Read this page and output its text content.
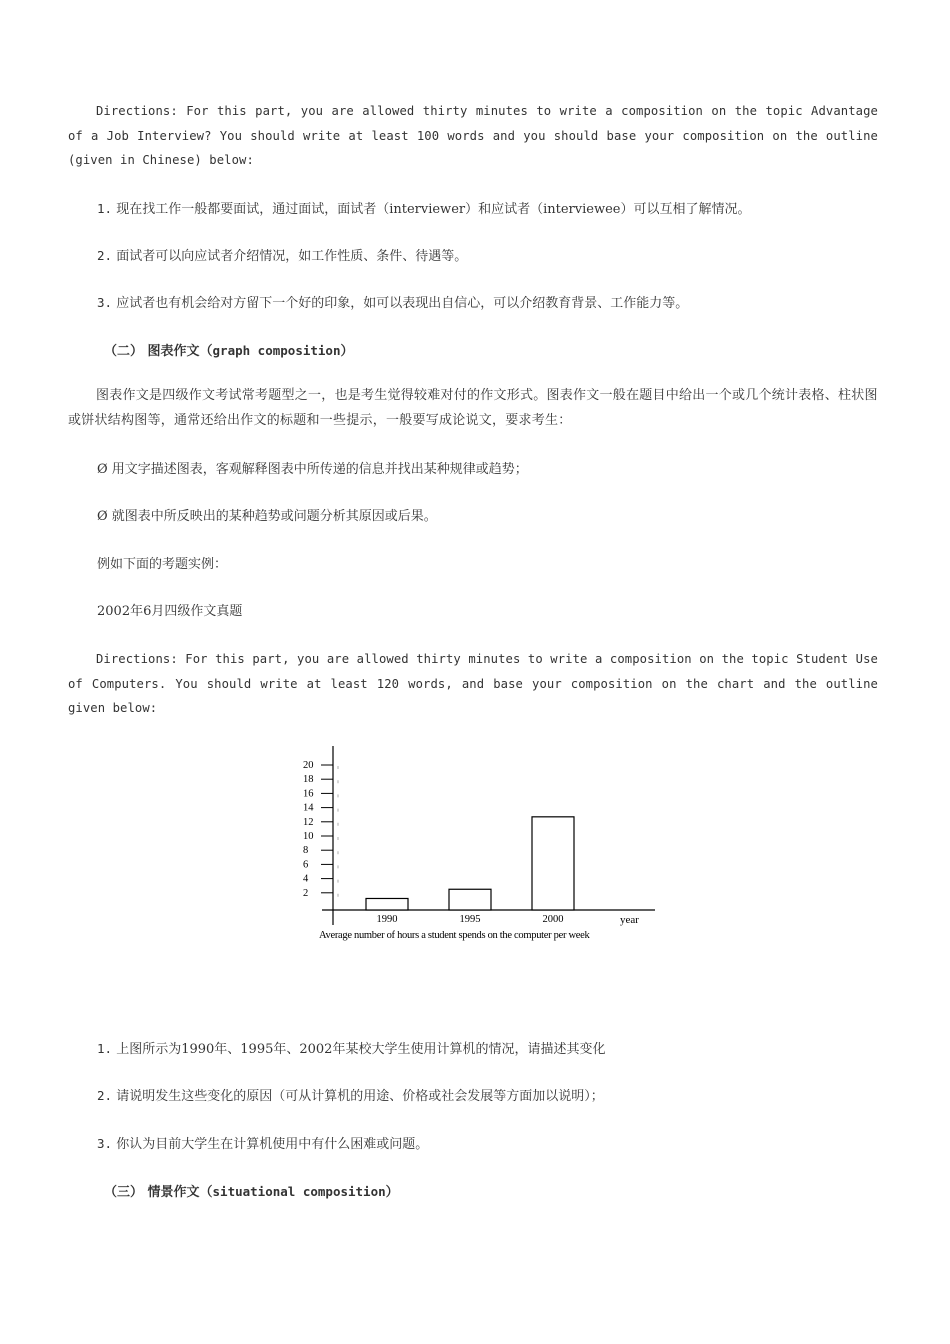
Directions: For this part, you are allowed thirty minutes to write a composition on the topic Advantage of a Job Interview? You should write at least 100 words and you should base your composition on the outline (given in Chinese) below:

1. 现在找工作一般都要面试，通过面试，面试者（interviewer）和应试者（interviewee）可以互相了解情况。
2. 面试者可以向应试者介绍情况，如工作性质、条件、待遇等。
3. 应试者也有机会给对方留下一个好的印象，如可以表现出自信心，可以介绍教育背景、工作能力等。
（二） 图表作文（graph composition）

图表作文是四级作文考试常考题型之一，也是考生觉得较难对付的作文形式。图表作文一般在题目中给出一个或几个统计表格、柱状图或饼状结构图等，通常还给出作文的标题和一些提示，一般要写成论说文，要求考生：

Ø 用文字描述图表，客观解释图表中所传递的信息并找出某种规律或趋势；
Ø 就图表中所反映出的某种趋势或问题分析其原因或后果。
例如下面的考题实例：
2002年6月四级作文真题

Directions: For this part, you are allowed thirty minutes to write a composition on the topic Student Use of Computers. You should write at least 120 words, and base your composition on the chart and the outline given below:

1. 上图所示为1990年、1995年、2002年某校大学生使用计算机的情况，请描述其变化
2. 请说明发生这些变化的原因（可从计算机的用途、价格或社会发展等方面加以说明）；
3. 你认为目前大学生在计算机使用中有什么困难或问题。
（三） 情景作文（situational composition）
2
4
6
8
10
12
14
16
18
20
1990	1995	2000	year
Average number of hours a student spends on the computer per week
